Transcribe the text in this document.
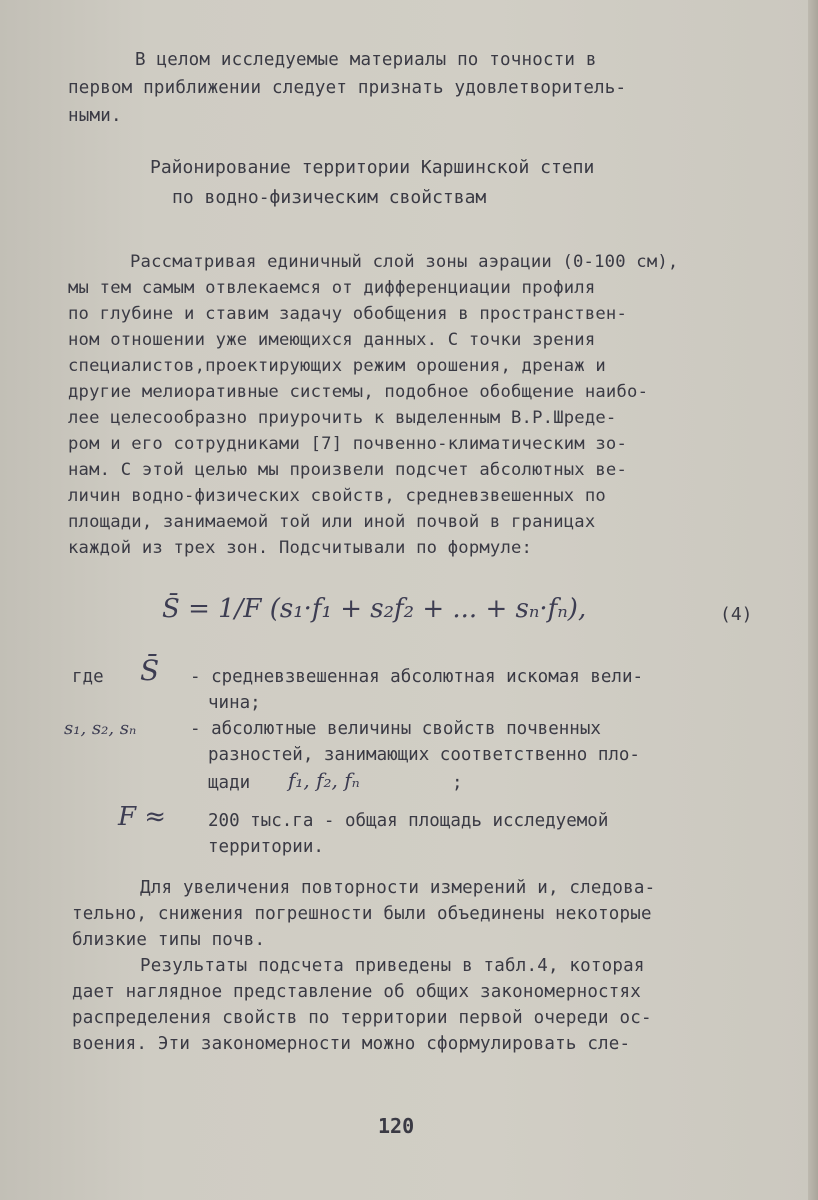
В целом исследуемые материалы по точности в

первом приближении следует признать удовлетворитель-

ными.

Районирование территории Каршинской степи

по водно-физическим свойствам

Рассматривая единичный слой зоны аэрации (0-100 см),

мы тем самым отвлекаемся от дифференциации профиля

по глубине и ставим задачу обобщения в пространствен-

ном отношении уже имеющихся данных. С точки зрения

специалистов,проектирующих режим орошения, дренаж и

другие мелиоративные системы, подобное обобщение наибо-

лее целесообразно приурочить к выделенным В.Р.Шреде-

ром и его сотрудниками [7] почвенно-климатическим зо-

нам. С этой целью мы произвели подсчет абсолютных ве-

личин водно-физических свойств, средневзвешенных по

площади, занимаемой той или иной почвой в границах

каждой из трех зон. Подсчитывали по формуле:

S̄ = 1/F (s₁·f₁ + s₂f₂ + ... + sₙ·fₙ),	(4)
где S̄ - средневзвешенная абсолютная искомая вели-
чина;
s₁, s₂, sₙ	- абсолютные величины свойств почвенных
разностей, занимающих соответственно пло-
щади f₁, f₂, fₙ	;
F ≈ 200 тыс.га - общая площадь исследуемой
территории.

Для увеличения повторности измерений и, следова-

тельно, снижения погрешности были объединены некоторые

близкие типы почв.

Результаты подсчета приведены в табл.4, которая

дает наглядное представление об общих закономерностях

распределения свойств по территории первой очереди ос-

воения. Эти закономерности можно сформулировать сле-

120
